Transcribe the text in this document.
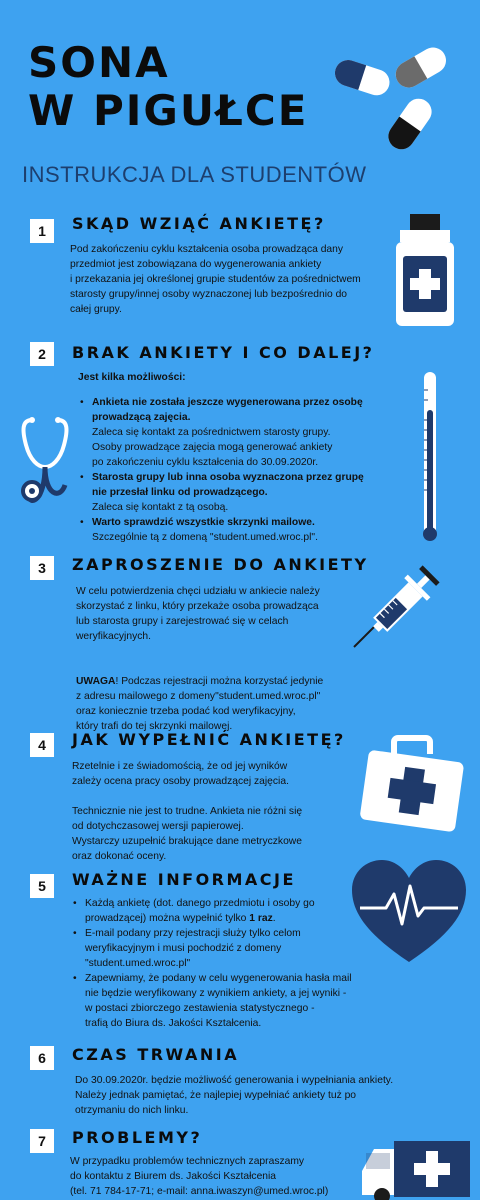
SONA
W PIGUŁCE
INSTRUKCJA DLA STUDENTÓW
1	SKĄD WZIĄĆ ANKIETĘ?

Pod zakończeniu cyklu kształcenia osoba prowadząca dany

przedmiot jest zobowiązana do wygenerowania ankiety

i przekazania jej określonej grupie studentów za pośrednictwem

starosty grupy/innej osoby wyznaczonej lub bezpośrednio do

całej grupy.

2	BRAK ANKIETY I CO DALEJ?

Jest kilka możliwości:

• Ankieta nie została jeszcze wygenerowana przez osobę

prowadzącą zajęcia.

Zaleca się kontakt za pośrednictwem starosty grupy.

Osoby prowadzące zajęcia mogą generować ankiety

po zakończeniu cyklu kształcenia do 30.09.2020r.

• Starosta grupy lub inna osoba wyznaczona przez grupę

nie przesłał linku od prowadzącego.

Zaleca się kontakt z tą osobą.

• Warto sprawdzić wszystkie skrzynki mailowe.

Szczególnie tą z domeną "student.umed.wroc.pl".

3	ZAPROSZENIE DO ANKIETY

W celu potwierdzenia chęci udziału w ankiecie należy

skorzystać z linku, który przekaże osoba prowadząca

lub starosta grupy i zarejestrować się w celach

weryfikacyjnych.

UWAGA! Podczas rejestracji można korzystać jedynie

z adresu mailowego z domeny"student.umed.wroc.pl"

oraz koniecznie trzeba podać kod weryfikacyjny,

który trafi do tej skrzynki mailowej.

4	JAK WYPEŁNIĆ ANKIETĘ?

Rzetelnie i ze świadomością, że od jej wyników

zależy ocena pracy osoby prowadzącej zajęcia.

Technicznie nie jest to trudne. Ankieta nie różni się

od dotychczasowej wersji papierowej.

Wystarczy uzupełnić brakujące dane metryczkowe

oraz dokonać oceny.

5	WAŻNE INFORMACJE

• Każdą ankietę (dot. danego przedmiotu i osoby go

prowadzącej) można wypełnić tylko 1 raz.

• E-mail podany przy rejestracji służy tylko celom

weryfikacyjnym i musi pochodzić z domeny

"student.umed.wroc.pl"

• Zapewniamy, że podany w celu wygenerowania hasła mail

nie będzie weryfikowany z wynikiem ankiety, a jej wyniki -

w postaci zbiorczego zestawienia statystycznego -

trafią do Biura ds. Jakości Kształcenia.

6	CZAS TRWANIA

Do 30.09.2020r. będzie możliwość generowania i wypełniania ankiety.

Należy jednak pamiętać, że najlepiej wypełniać ankiety tuż po

otrzymaniu do nich linku.

7	PROBLEMY?

W przypadku problemów technicznych zapraszamy

do kontaktu z Biurem ds. Jakości Kształcenia

(tel. 71 784-17-71; e-mail: anna.iwaszyn@umed.wroc.pl)
